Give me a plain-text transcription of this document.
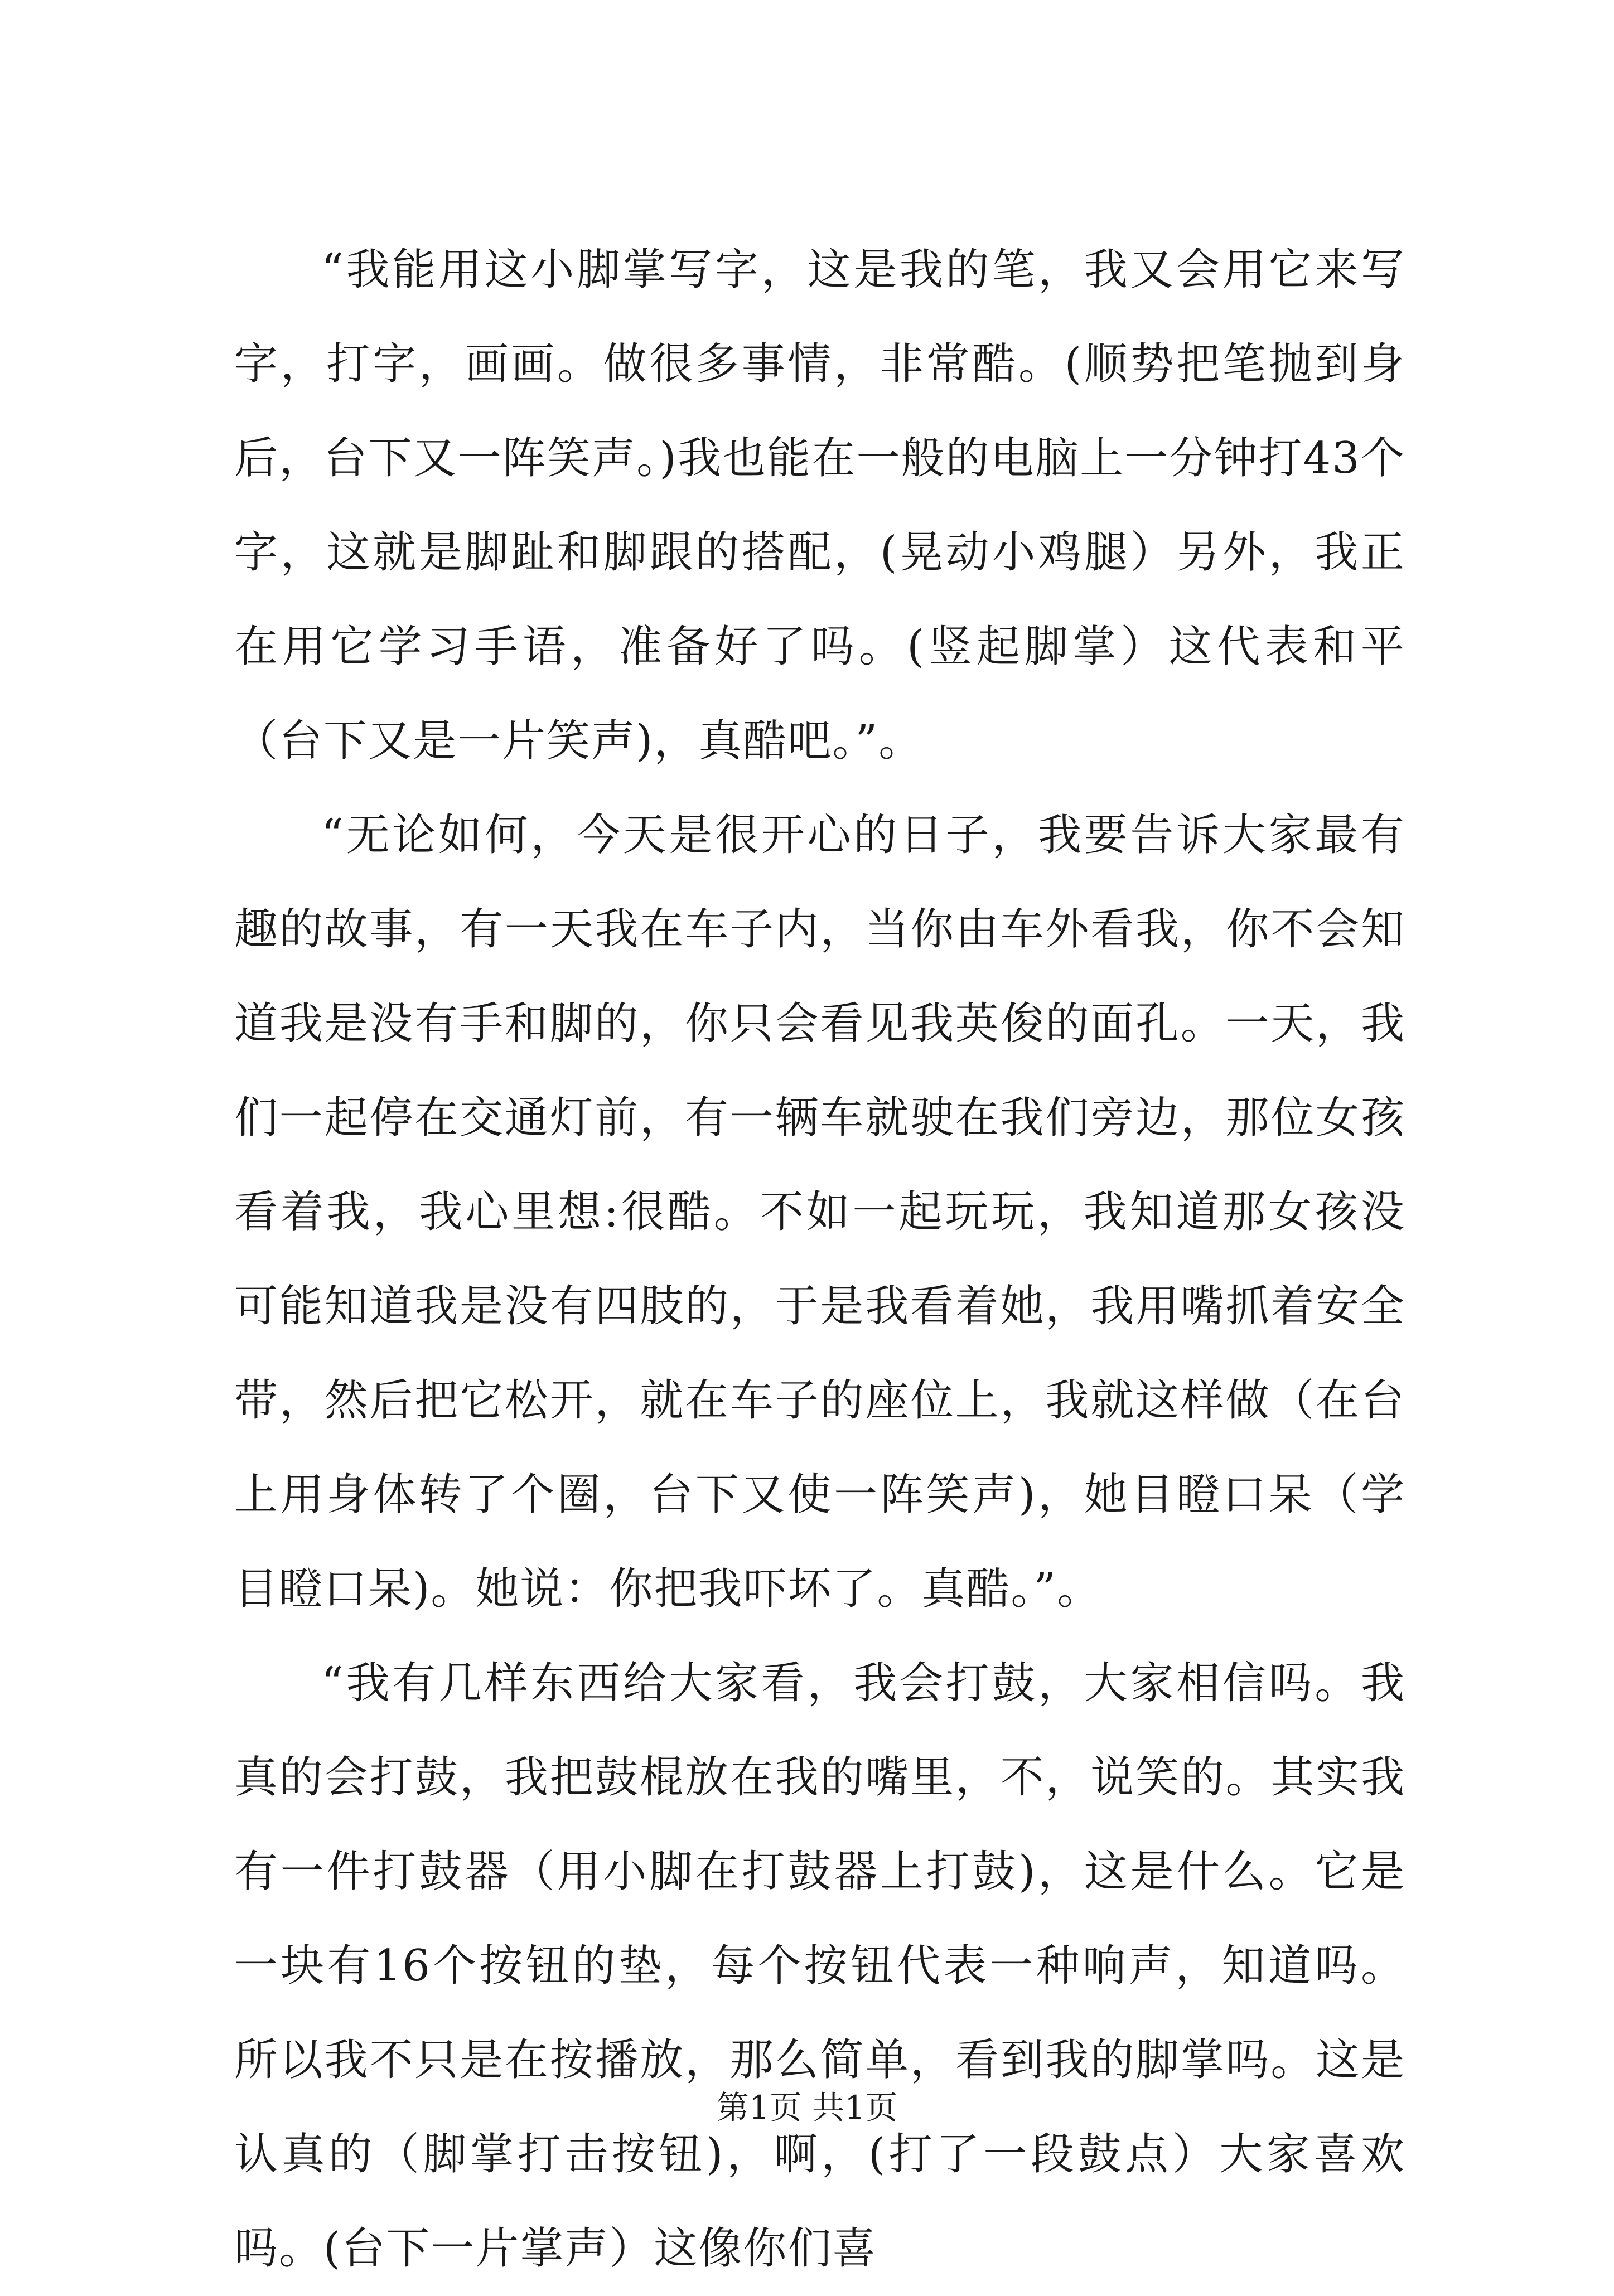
“我能用这小脚掌写字，这是我的笔，我又会用它来写字，打字，画画。做很多事情，非常酷。(顺势把笔抛到身后，台下又一阵笑声。)我也能在一般的电脑上一分钟打43个字，这就是脚趾和脚跟的搭配，(晃动小鸡腿）另外，我正在用它学习手语，准备好了吗。(竖起脚掌）这代表和平（台下又是一片笑声)，真酷吧。”。

“无论如何，今天是很开心的日子，我要告诉大家最有趣的故事，有一天我在车子内，当你由车外看我，你不会知道我是没有手和脚的，你只会看见我英俊的面孔。一天，我们一起停在交通灯前，有一辆车就驶在我们旁边，那位女孩看着我，我心里想:很酷。不如一起玩玩，我知道那女孩没可能知道我是没有四肢的，于是我看着她，我用嘴抓着安全带，然后把它松开，就在车子的座位上，我就这样做（在台上用身体转了个圈，台下又使一阵笑声)，她目瞪口呆（学目瞪口呆)。她说：你把我吓坏了。真酷。”。

“我有几样东西给大家看，我会打鼓，大家相信吗。我真的会打鼓，我把鼓棍放在我的嘴里，不，说笑的。其实我有一件打鼓器（用小脚在打鼓器上打鼓)，这是什么。它是一块有16个按钮的垫，每个按钮代表一种响声，知道吗。所以我不只是在按播放，那么简单，看到我的脚掌吗。这是认真的（脚掌打击按钮)，啊，(打了一段鼓点）大家喜欢吗。(台下一片掌声）这像你们喜

第1页 共1页
